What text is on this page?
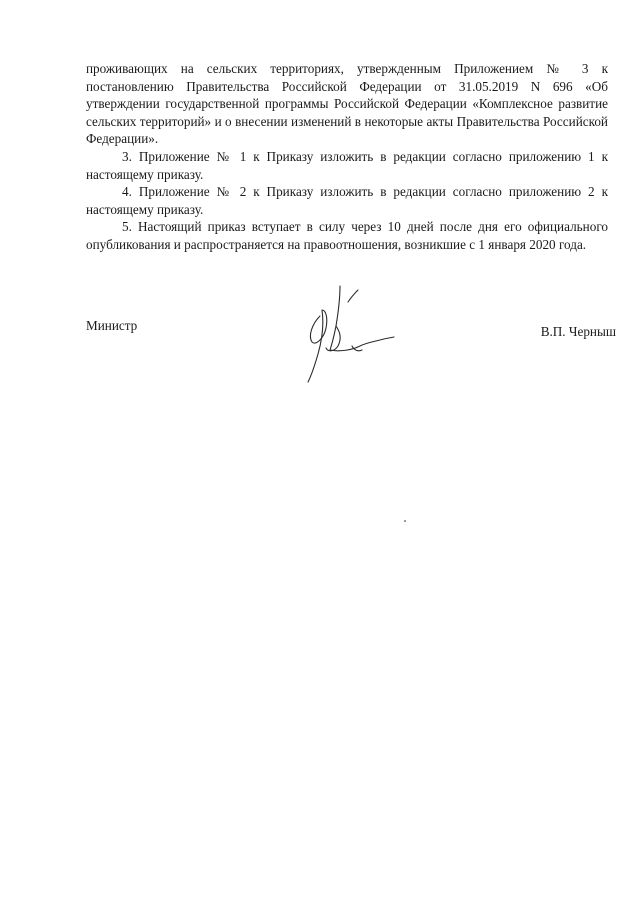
проживающих на сельских территориях, утвержденным Приложением № 3 к постановлению Правительства Российской Федерации от 31.05.2019 N 696 «Об утверждении государственной программы Российской Федерации «Комплексное развитие сельских территорий» и о внесении изменений в некоторые акты Правительства Российской Федерации».

3. Приложение № 1 к Приказу изложить в редакции согласно приложению 1 к настоящему приказу.

4. Приложение № 2 к Приказу изложить в редакции согласно приложению 2 к настоящему приказу.

5. Настоящий приказ вступает в силу через 10 дней после дня его официального опубликования и распространяется на правоотношения, возникшие с 1 января 2020 года.

Министр	В.П. Черныш
